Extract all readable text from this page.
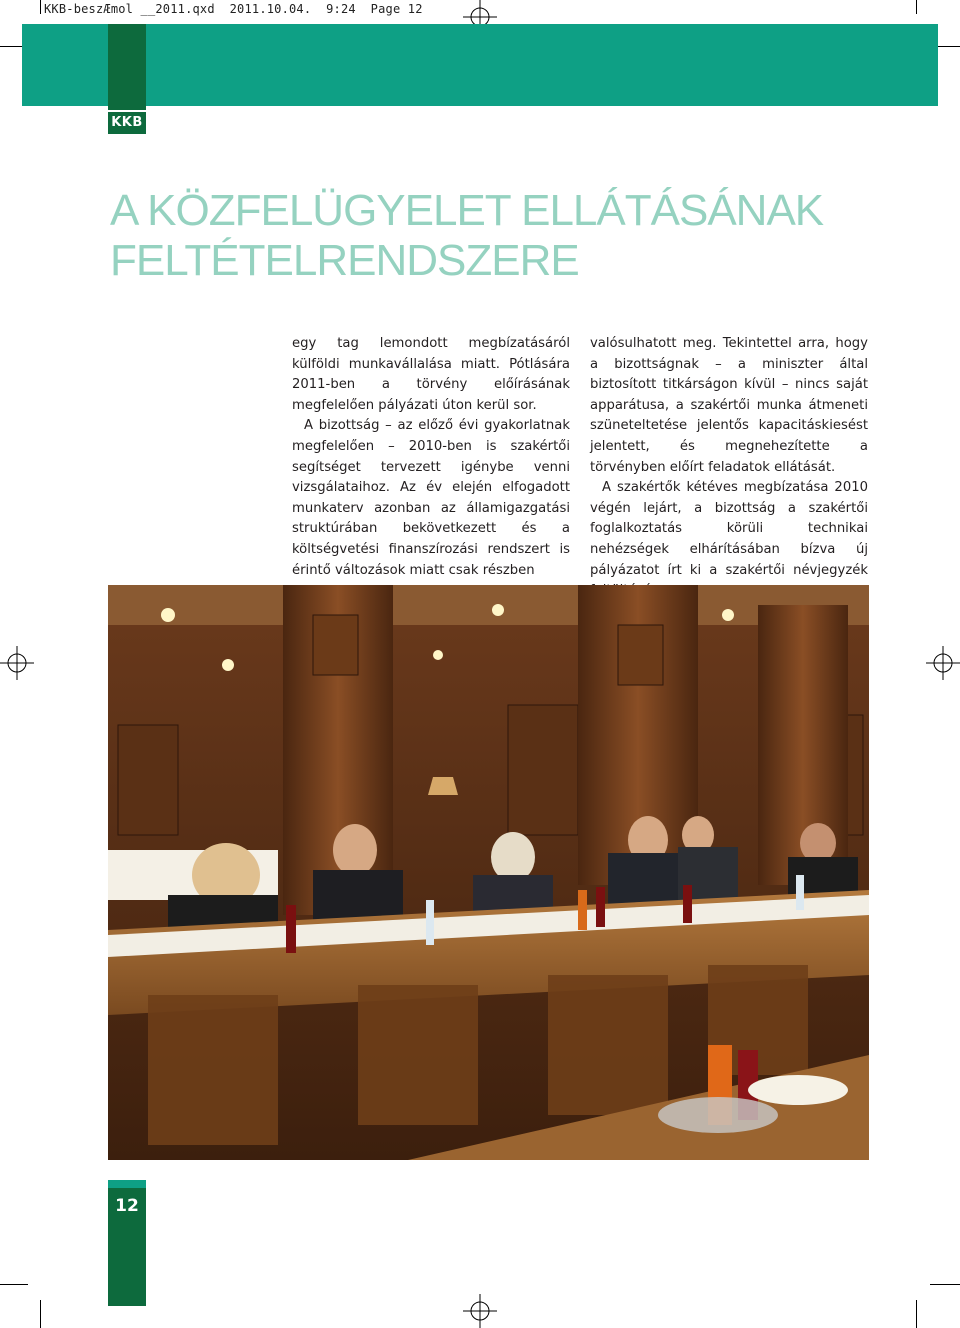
KKB-beszÆmol __2011.qxd  2011.10.04.  9:24  Page 12
KKB
A KÖZFELÜGYELET ELLÁTÁSÁNAK
FELTÉTELRENDSZERE

egy tag lemondott megbízatásáról külföldi munkavállalása miatt. Pótlására 2011-ben a törvény előírásának megfelelően pályázati úton kerül sor.

A bizottság – az előző évi gyakorlatnak megfelelően – 2010-ben is szakértői segítséget tervezett igénybe venni vizsgálataihoz. Az év elején elfogadott munkaterv azonban az államigazgatási struktúrában bekövetkezett és a költségvetési finanszírozási rendszert is érintő változások miatt csak részben

valósulhatott meg. Tekintettel arra, hogy a bizottságnak – a miniszter által biztosított titkárságon kívül – nincs saját apparátusa, a szakértői munka átmeneti szüneteltetése jelentős kapacitáskiesést jelentett, és megnehezítette a törvényben előírt feladatok ellátását.

A szakértők kétéves megbízatása 2010 végén lejárt, a bizottság a szakértői foglalkoztatás körüli technikai nehézségek elhárításában bízva új pályázatot írt ki a szakértői névjegyzék

12
